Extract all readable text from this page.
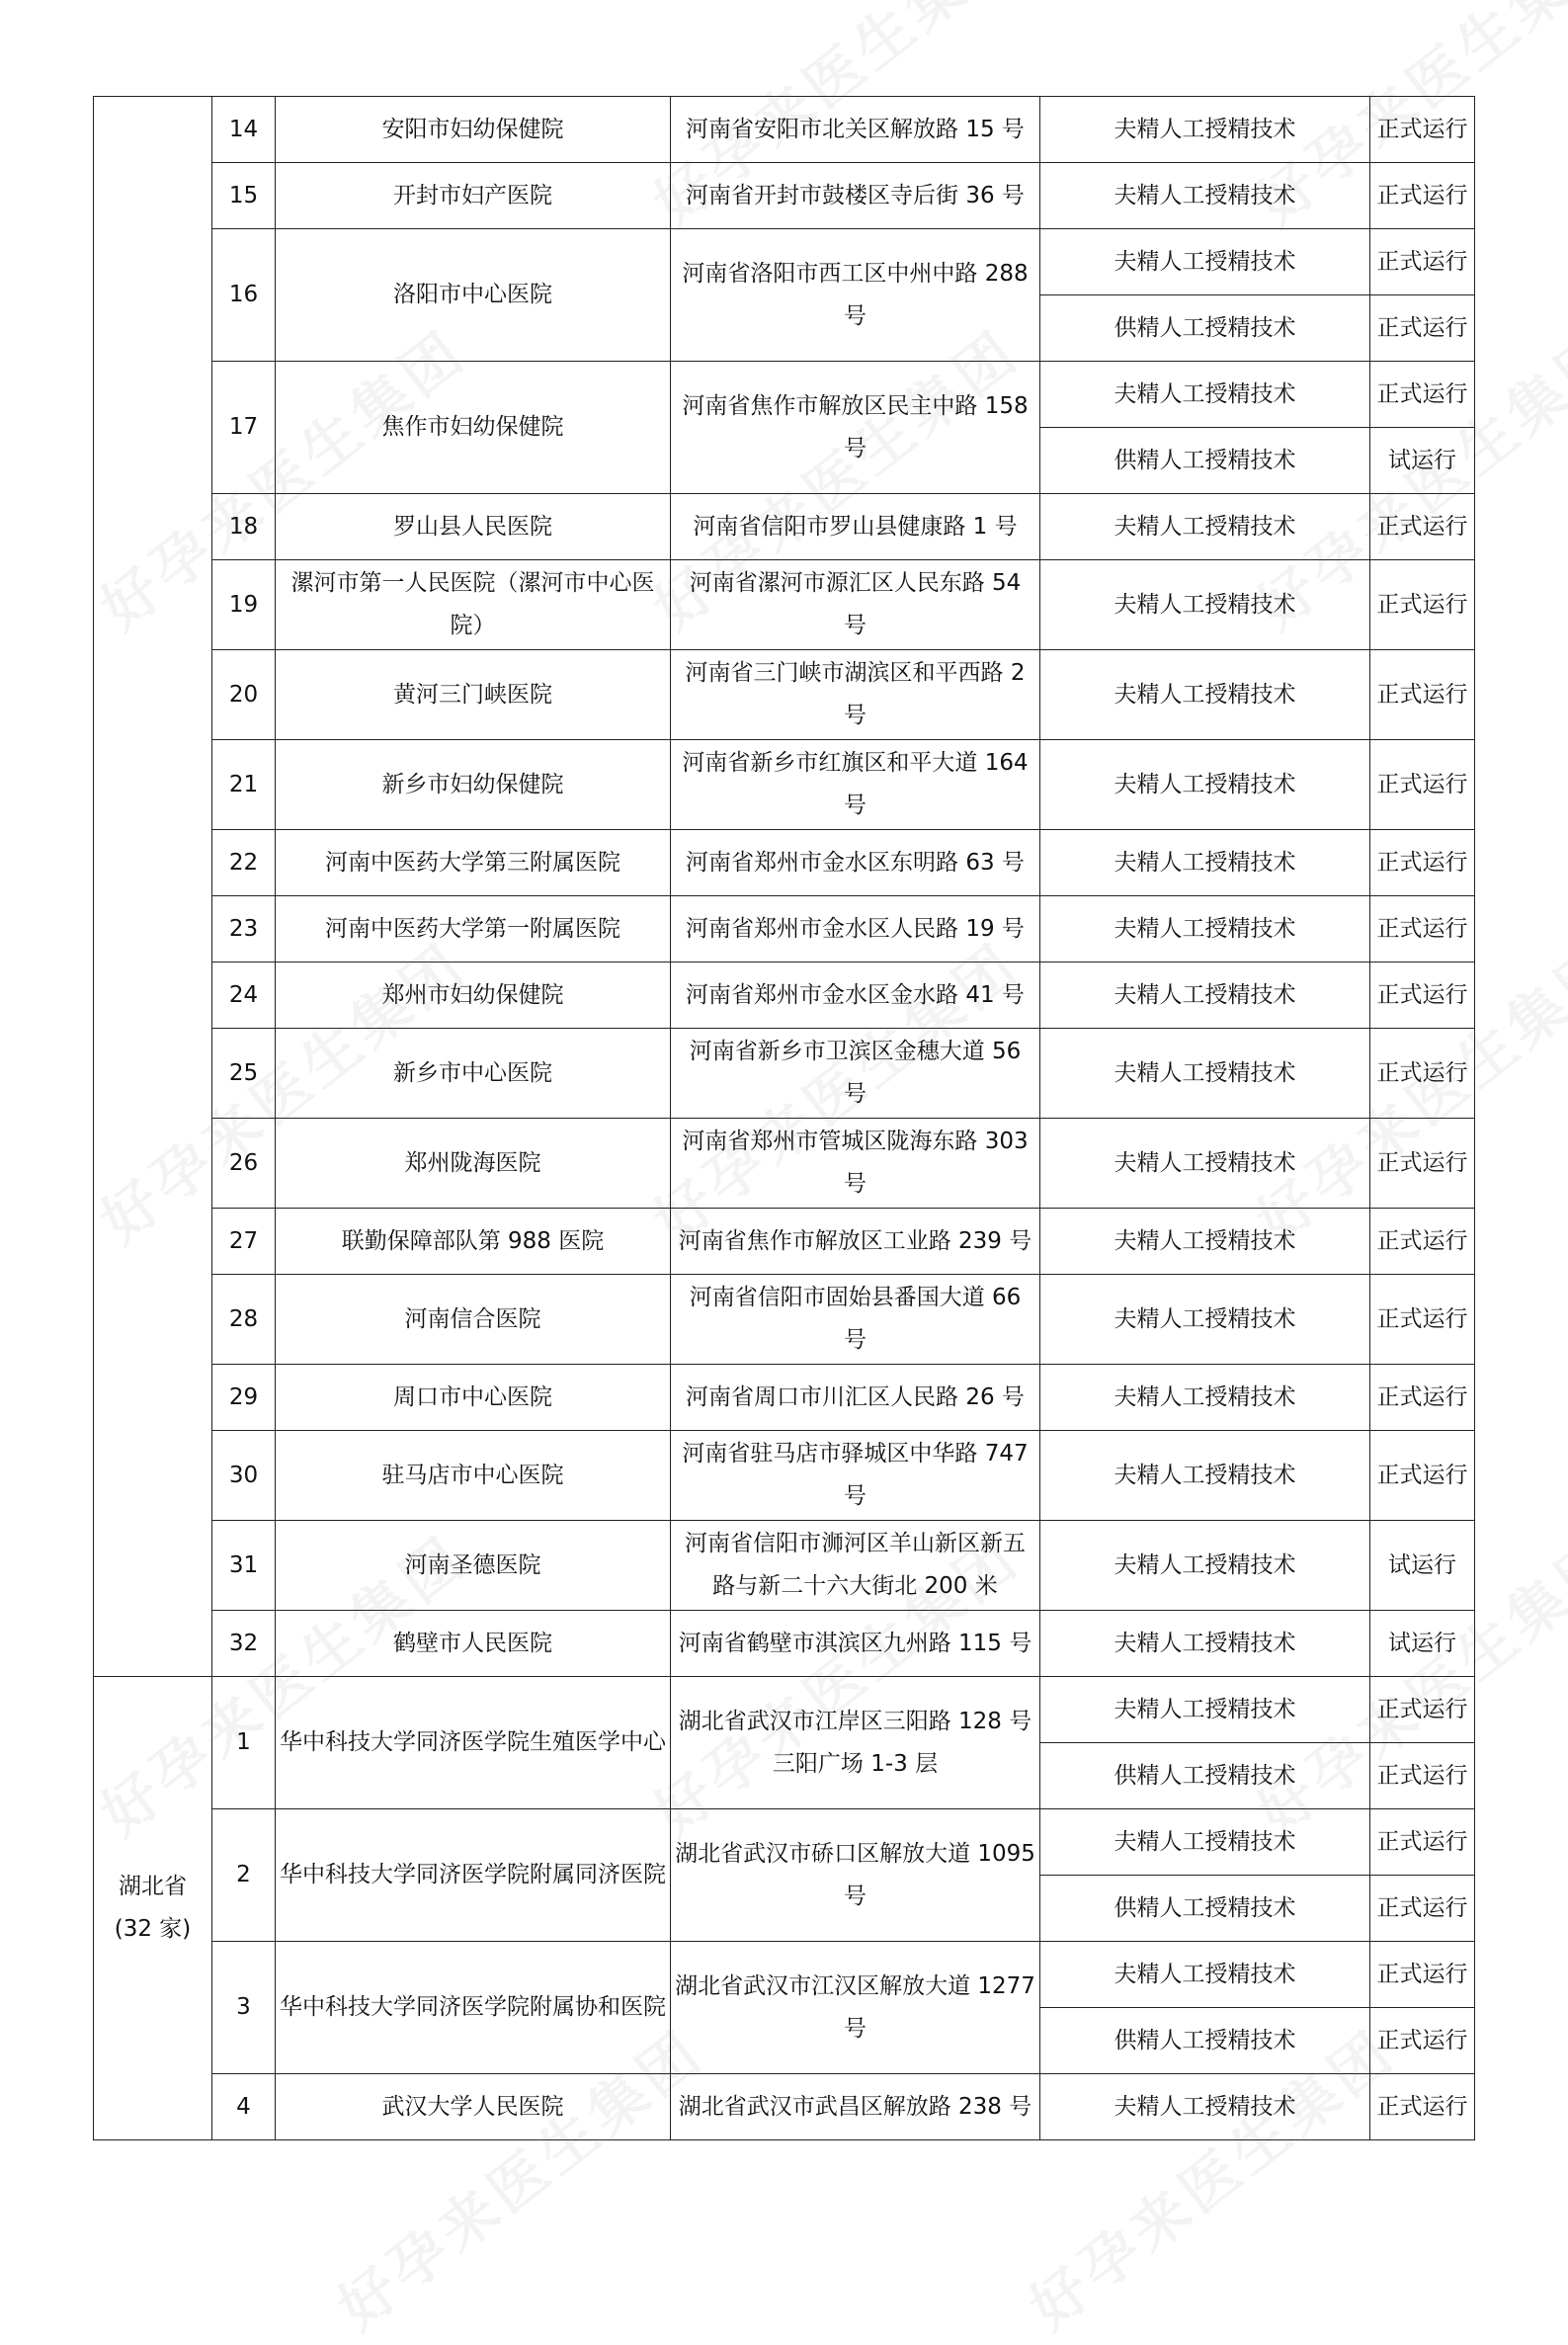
	14	安阳市妇幼保健院	河南省安阳市北关区解放路 15 号	夫精人工授精技术	正式运行
	15	开封市妇产医院	河南省开封市鼓楼区寺后街 36 号	夫精人工授精技术	正式运行
	16	洛阳市中心医院	河南省洛阳市西工区中州中路 288 号	夫精人工授精技术	正式运行
				供精人工授精技术	正式运行
	17	焦作市妇幼保健院	河南省焦作市解放区民主中路 158 号	夫精人工授精技术	正式运行
				供精人工授精技术	试运行
	18	罗山县人民医院	河南省信阳市罗山县健康路 1 号	夫精人工授精技术	正式运行
	19	漯河市第一人民医院（漯河市中心医院）	河南省漯河市源汇区人民东路 54 号	夫精人工授精技术	正式运行
	20	黄河三门峡医院	河南省三门峡市湖滨区和平西路 2 号	夫精人工授精技术	正式运行
	21	新乡市妇幼保健院	河南省新乡市红旗区和平大道 164 号	夫精人工授精技术	正式运行
	22	河南中医药大学第三附属医院	河南省郑州市金水区东明路 63 号	夫精人工授精技术	正式运行
	23	河南中医药大学第一附属医院	河南省郑州市金水区人民路 19 号	夫精人工授精技术	正式运行
	24	郑州市妇幼保健院	河南省郑州市金水区金水路 41 号	夫精人工授精技术	正式运行
	25	新乡市中心医院	河南省新乡市卫滨区金穗大道 56 号	夫精人工授精技术	正式运行
	26	郑州陇海医院	河南省郑州市管城区陇海东路 303 号	夫精人工授精技术	正式运行
	27	联勤保障部队第 988 医院	河南省焦作市解放区工业路 239 号	夫精人工授精技术	正式运行
	28	河南信合医院	河南省信阳市固始县番国大道 66 号	夫精人工授精技术	正式运行
	29	周口市中心医院	河南省周口市川汇区人民路 26 号	夫精人工授精技术	正式运行
	30	驻马店市中心医院	河南省驻马店市驿城区中华路 747 号	夫精人工授精技术	正式运行
	31	河南圣德医院	河南省信阳市浉河区羊山新区新五路与新二十六大街北 200 米	夫精人工授精技术	试运行
	32	鹤壁市人民医院	河南省鹤壁市淇滨区九州路 115 号	夫精人工授精技术	试运行

湖北省
(32 家)	1	华中科技大学同济医学院生殖医学中心	湖北省武汉市江岸区三阳路 128 号三阳广场 1-3 层	夫精人工授精技术	正式运行
				供精人工授精技术	正式运行
	2	华中科技大学同济医学院附属同济医院	湖北省武汉市硚口区解放大道 1095 号	夫精人工授精技术	正式运行
				供精人工授精技术	正式运行
	3	华中科技大学同济医学院附属协和医院	湖北省武汉市江汉区解放大道 1277 号	夫精人工授精技术	正式运行
				供精人工授精技术	正式运行
	4	武汉大学人民医院	湖北省武汉市武昌区解放路 238 号	夫精人工授精技术	正式运行
